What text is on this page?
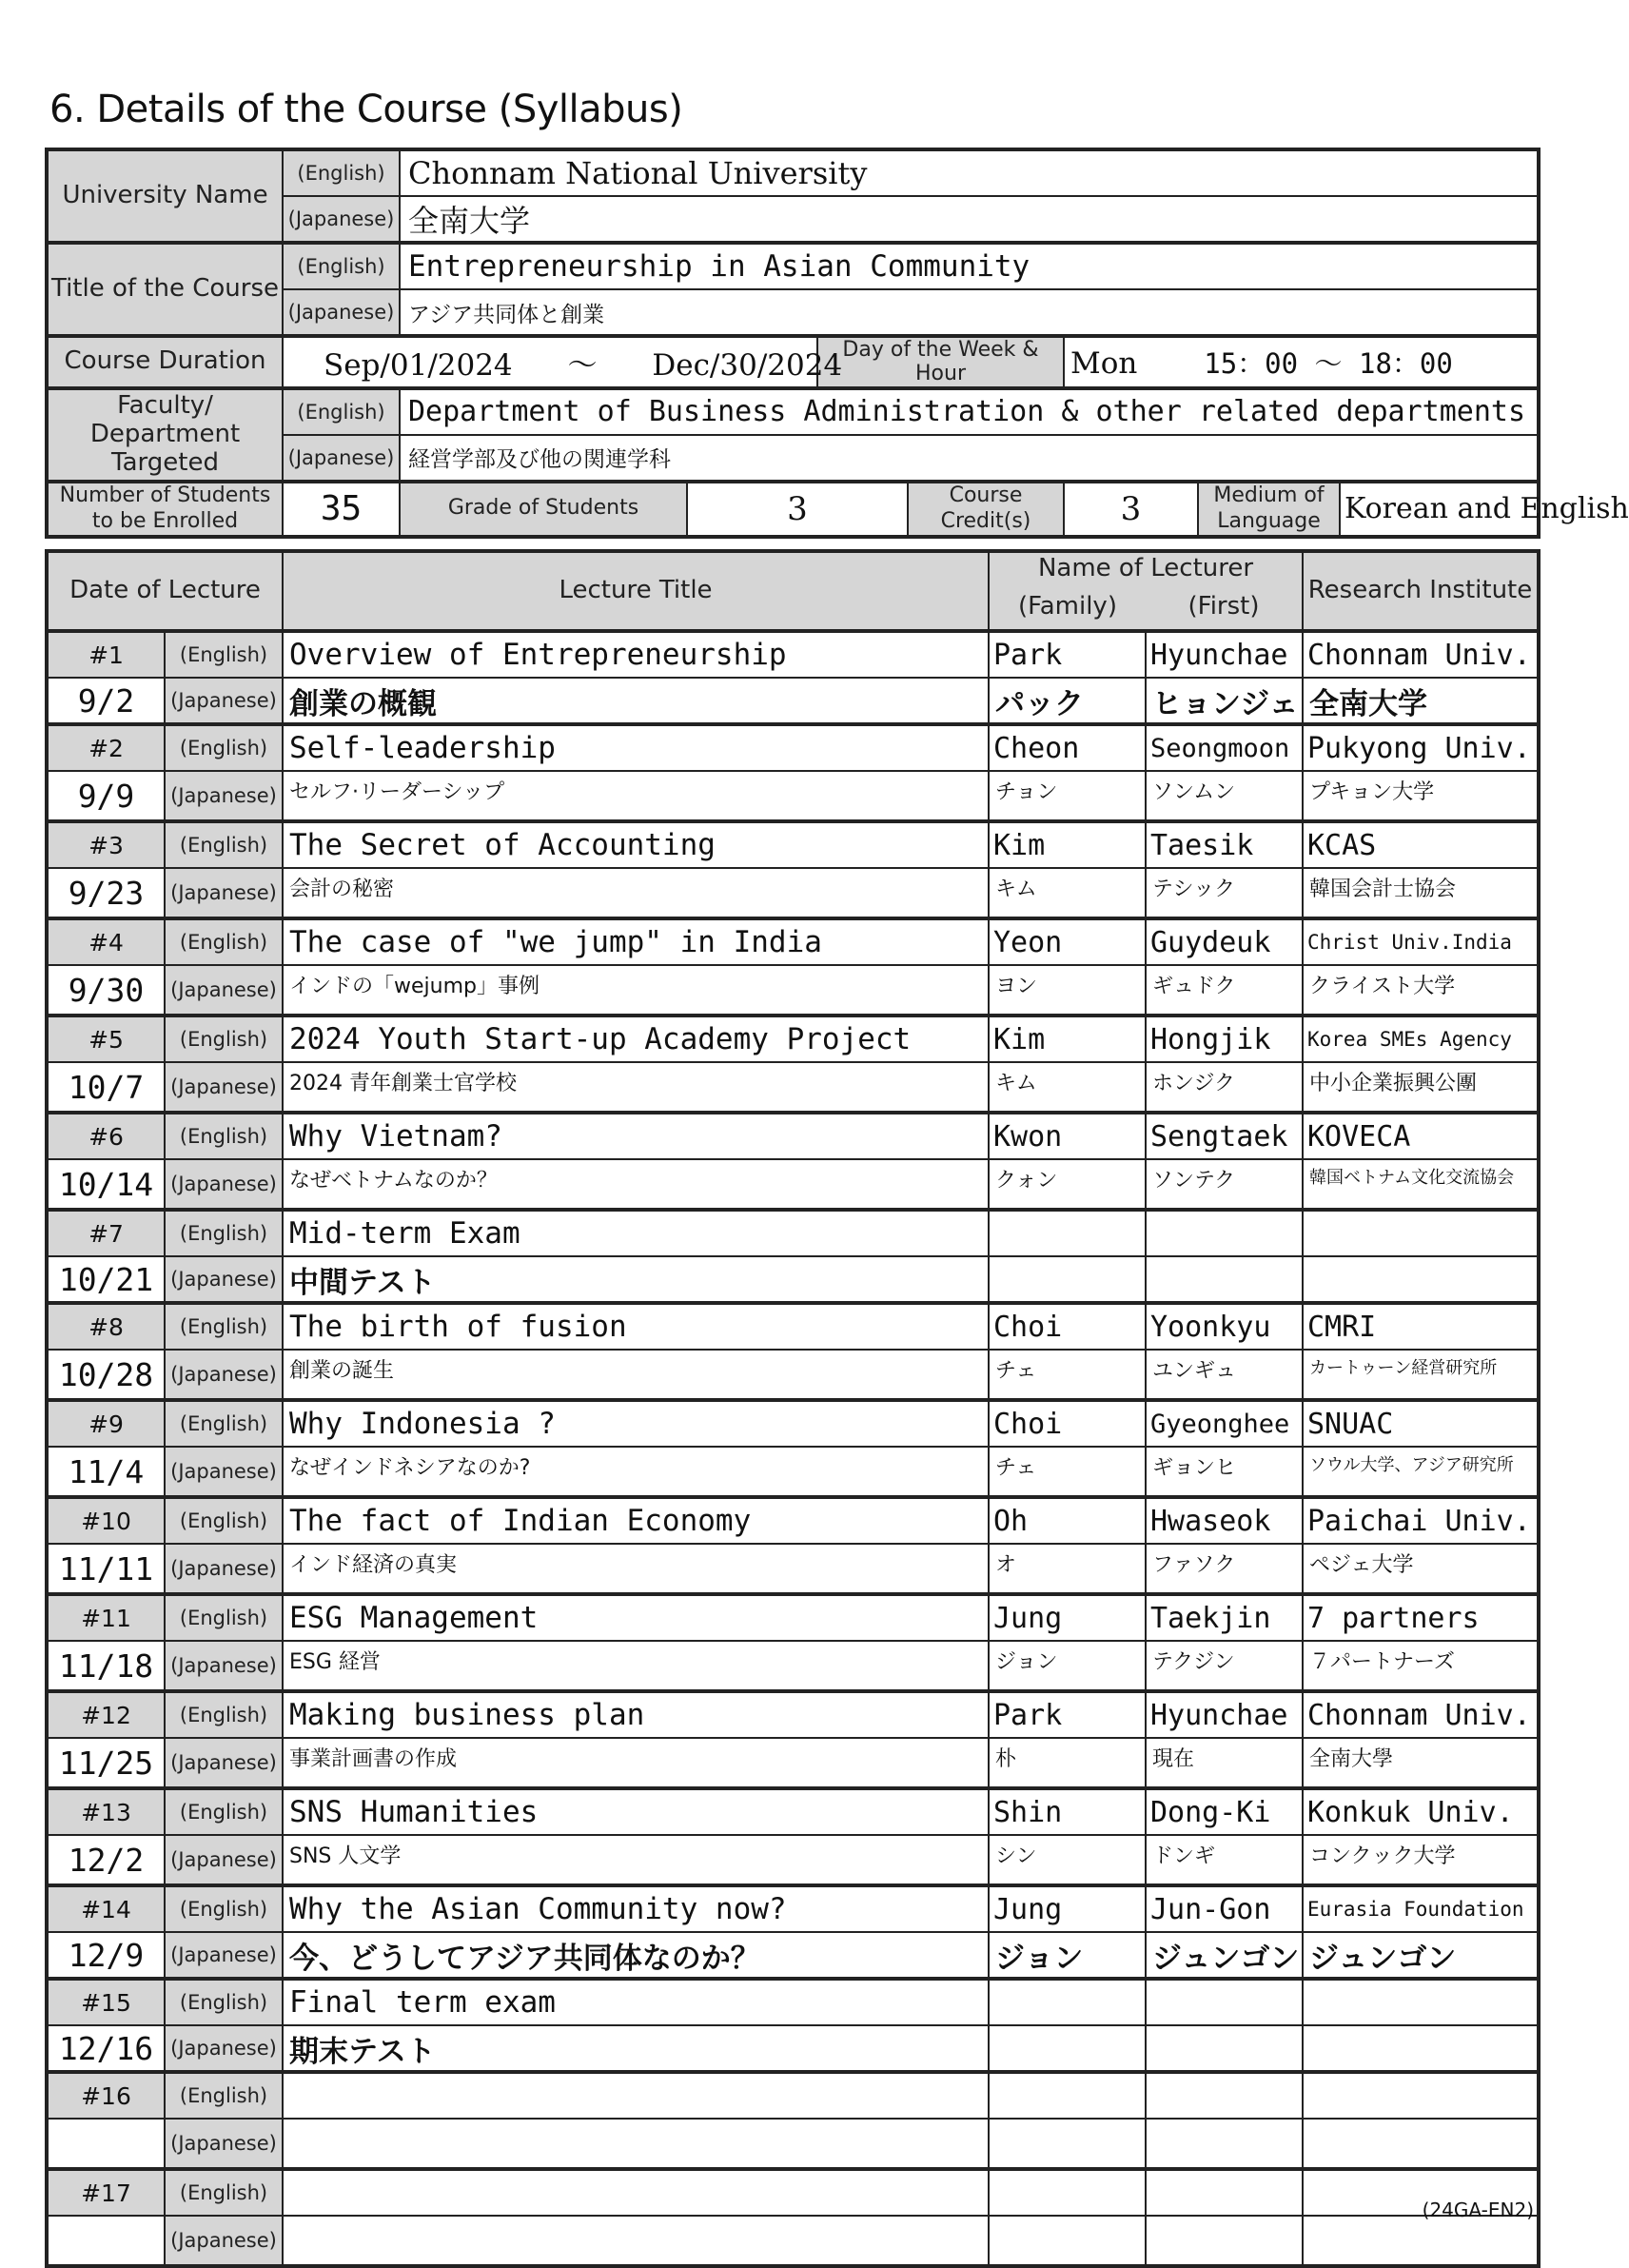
6. Details of the Course (Syllabus)
University Name	(English)	Chonnam National University						
	(Japanese)	全南大学						
Title of the Course	(English)	Entrepreneurship in Asian Community						
	(Japanese)	アジア共同体と創業						
Course Duration	Sep/01/2024 ～ Dec/30/2024			Day of the Week & Hour		Mon 15：00 ～ 18：00		
Faculty/ Department Targeted	(English)	Department of Business Administration & other related departments						
	(Japanese)	経営学部及び他の関連学科						
Number of Students to be Enrolled	35	Grade of Students	3		Course Credit(s)	3	Medium of Language	Korean and English
Date of Lecture		Lecture Title	Name of Lecturer		Research Institute
			(Family)	(First)	
#1	(English)	Overview of Entrepreneurship	Park	Hyunchae	Chonnam Univ.
9/2	(Japanese)	創業の概観	パック	ヒョンジェ	全南大学
#2	(English)	Self-leadership	Cheon	Seongmoon	Pukyong Univ.
9/9	(Japanese)	セルフ·リーダーシップ	チョン	ソンムン	プキョン大学
#3	(English)	The Secret of Accounting	Kim	Taesik	KCAS
9/23	(Japanese)	会計の秘密	キム	テシック	韓国会計士協会
#4	(English)	The case of "we jump" in India	Yeon	Guydeuk	Christ Univ.India
9/30	(Japanese)	インドの「wejump」事例	ヨン	ギュドク	クライスト大学
#5	(English)	2024 Youth Start-up Academy Project	Kim	Hongjik	Korea SMEs Agency
10/7	(Japanese)	2024 青年創業士官学校	キム	ホンジク	中小企業振興公團
#6	(English)	Why Vietnam?	Kwon	Sengtaek	KOVECA
10/14	(Japanese)	なぜベトナムなのか？	クォン	ソンテク	韓国ベトナム文化交流協会
#7	(English)	Mid-term Exam			
10/21	(Japanese)	中間テスト			
#8	(English)	The birth of fusion	Choi	Yoonkyu	CMRI
10/28	(Japanese)	創業の誕生	チェ	ユンギュ	カートゥーン経営研究所
#9	(English)	Why Indonesia ?	Choi	Gyeonghee	SNUAC
11/4	(Japanese)	なぜインドネシアなのか?	チェ	ギョンヒ	ソウル大学、アジア研究所
#10	(English)	The fact of Indian Economy	Oh	Hwaseok	Paichai Univ.
11/11	(Japanese)	インド経済の真実	オ	ファソク	ペジェ大学
#11	(English)	ESG Management	Jung	Taekjin	7 partners
11/18	(Japanese)	ESG 経営	ジョン	テクジン	７パートナーズ
#12	(English)	Making business plan	Park	Hyunchae	Chonnam Univ.
11/25	(Japanese)	事業計画書の作成	朴	現在	全南大學
#13	(English)	SNS Humanities	Shin	Dong-Ki	Konkuk Univ.
12/2	(Japanese)	SNS 人文学	シン	ドンギ	コンクック大学
#14	(English)	Why the Asian Community now?	Jung	Jun-Gon	Eurasia Foundation
12/9	(Japanese)	今、どうしてアジア共同体なのか？	ジョン	ジュンゴン	ジュンゴン
#15	(English)	Final term exam			
12/16	(Japanese)	期末テスト			
#16	(English)				
	(Japanese)				
#17	(English)				
	(Japanese)				
(24GA-EN2)
